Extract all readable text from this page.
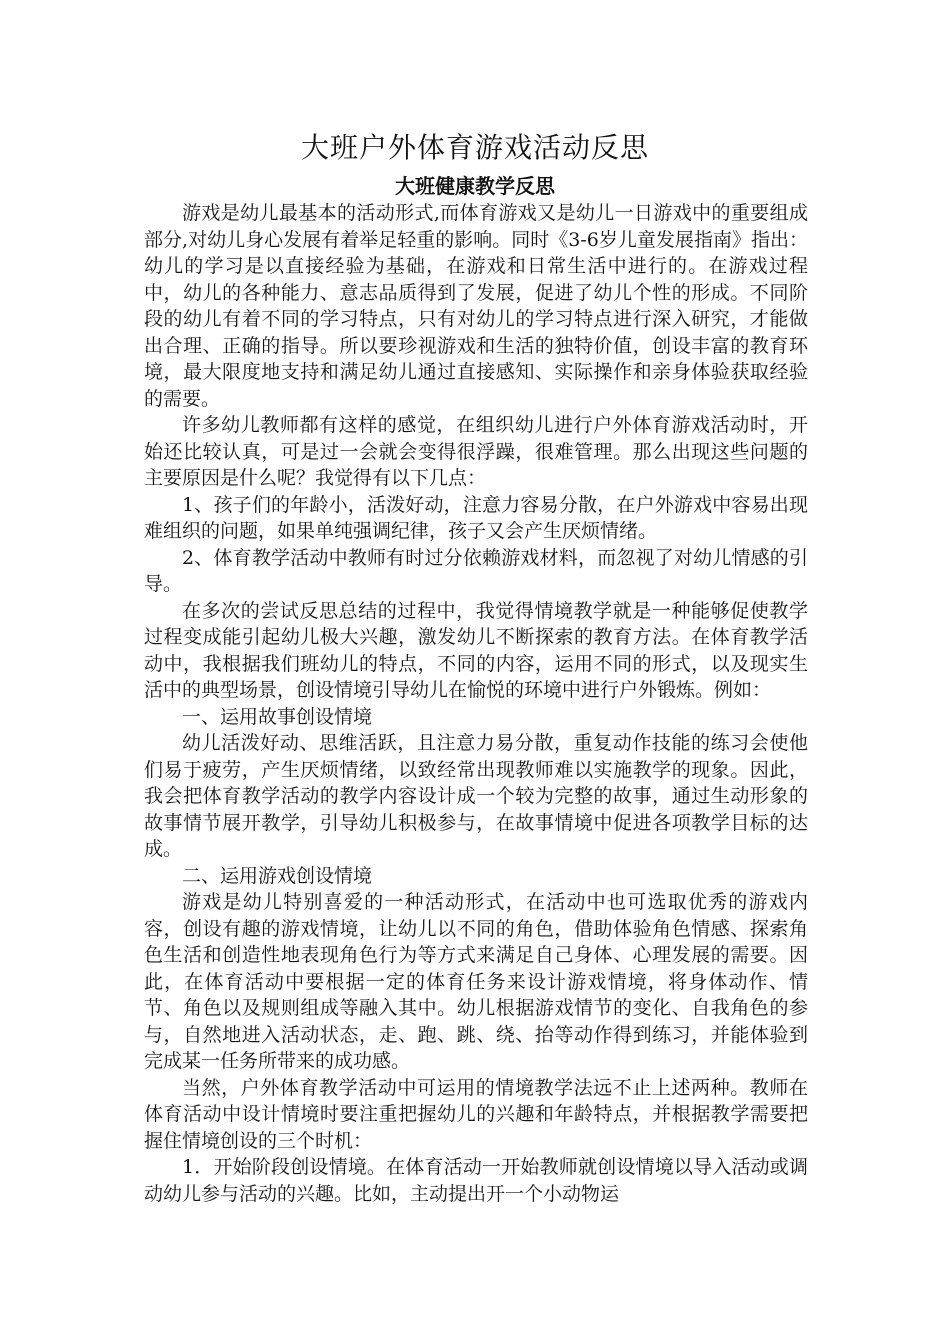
大班户外体育游戏活动反思
大班健康教学反思

游戏是幼儿最基本的活动形式,而体育游戏又是幼儿一日游戏中的重要组成部分,对幼儿身心发展有着举足轻重的影响。同时《3-6岁儿童发展指南》指出：幼儿的学习是以直接经验为基础，在游戏和日常生活中进行的。在游戏过程中，幼儿的各种能力、意志品质得到了发展，促进了幼儿个性的形成。不同阶段的幼儿有着不同的学习特点，只有对幼儿的学习特点进行深入研究，才能做出合理、正确的指导。所以要珍视游戏和生活的独特价值，创设丰富的教育环境，最大限度地支持和满足幼儿通过直接感知、实际操作和亲身体验获取经验的需要。

许多幼儿教师都有这样的感觉，在组织幼儿进行户外体育游戏活动时，开始还比较认真，可是过一会就会变得很浮躁，很难管理。那么出现这些问题的主要原因是什么呢？我觉得有以下几点：

1、孩子们的年龄小，活泼好动，注意力容易分散，在户外游戏中容易出现难组织的问题，如果单纯强调纪律，孩子又会产生厌烦情绪。

2、体育教学活动中教师有时过分依赖游戏材料，而忽视了对幼儿情感的引导。

在多次的尝试反思总结的过程中，我觉得情境教学就是一种能够促使教学过程变成能引起幼儿极大兴趣，激发幼儿不断探索的教育方法。在体育教学活动中，我根据我们班幼儿的特点，不同的内容，运用不同的形式，以及现实生活中的典型场景，创设情境引导幼儿在愉悦的环境中进行户外锻炼。例如：

一、运用故事创设情境

幼儿活泼好动、思维活跃，且注意力易分散，重复动作技能的练习会使他们易于疲劳，产生厌烦情绪，以致经常出现教师难以实施教学的现象。因此，我会把体育教学活动的教学内容设计成一个较为完整的故事，通过生动形象的故事情节展开教学，引导幼儿积极参与，在故事情境中促进各项教学目标的达成。

二、运用游戏创设情境

游戏是幼儿特别喜爱的一种活动形式，在活动中也可选取优秀的游戏内容，创设有趣的游戏情境，让幼儿以不同的角色，借助体验角色情感、探索角色生活和创造性地表现角色行为等方式来满足自己身体、心理发展的需要。因此，在体育活动中要根据一定的体育任务来设计游戏情境，将身体动作、情节、角色以及规则组成等融入其中。幼儿根据游戏情节的变化、自我角色的参与，自然地进入活动状态，走、跑、跳、绕、抬等动作得到练习，并能体验到完成某一任务所带来的成功感。

当然，户外体育教学活动中可运用的情境教学法远不止上述两种。教师在体育活动中设计情境时要注重把握幼儿的兴趣和年龄特点，并根据教学需要把握住情境创设的三个时机：

1．开始阶段创设情境。在体育活动一开始教师就创设情境以导入活动或调动幼儿参与活动的兴趣。比如，主动提出开一个小动物运
